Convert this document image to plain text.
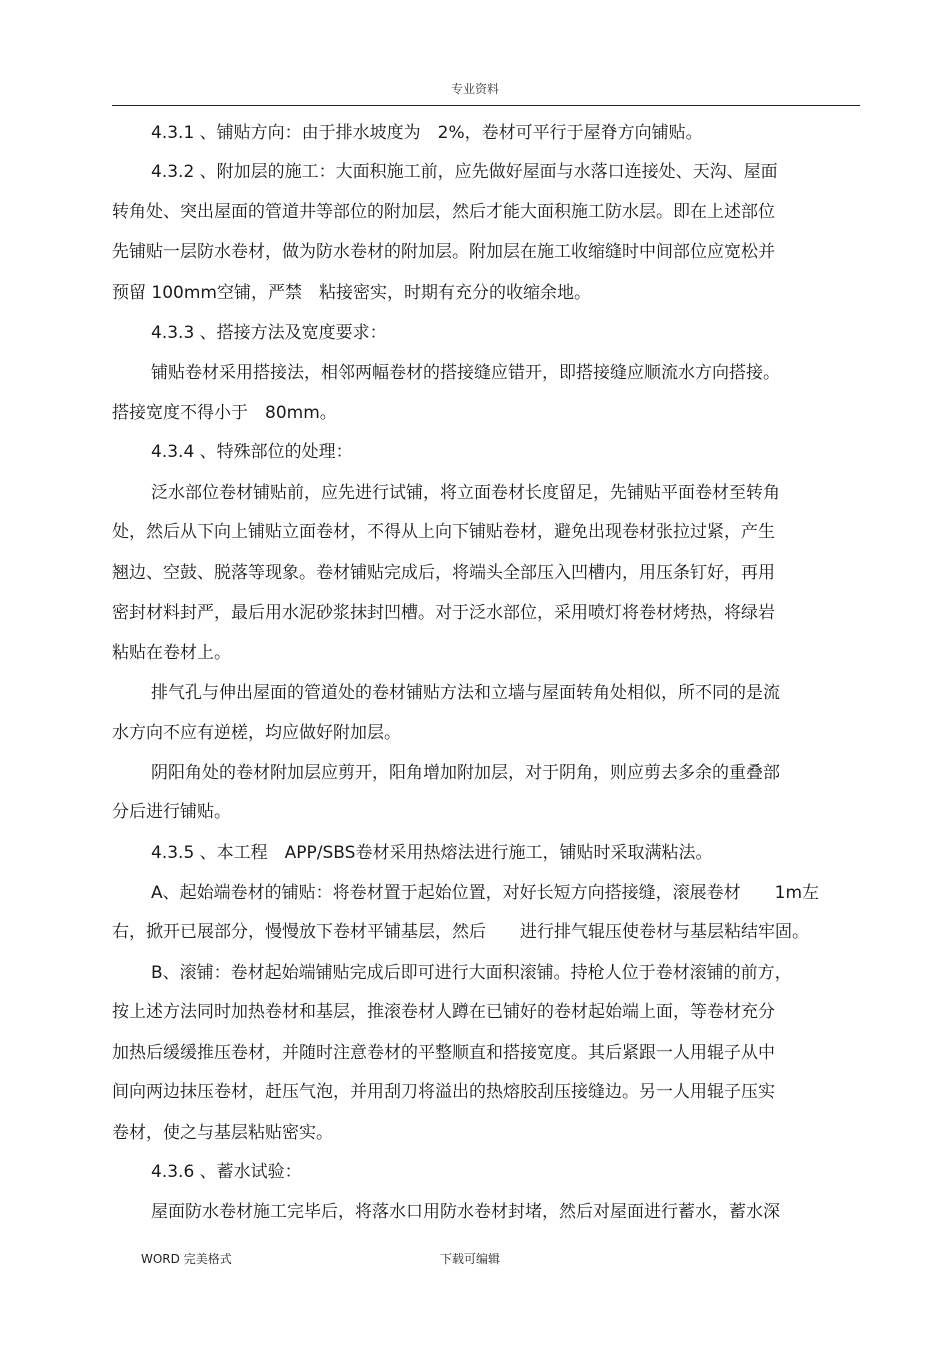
专业资料
4.3.1 、铺贴方向：由于排水坡度为　2%，卷材可平行于屋脊方向铺贴。
4.3.2 、附加层的施工：大面积施工前，应先做好屋面与水落口连接处、天沟、屋面
转角处、突出屋面的管道井等部位的附加层，然后才能大面积施工防水层。即在上述部位
先铺贴一层防水卷材，做为防水卷材的附加层。附加层在施工收缩缝时中间部位应宽松并
预留 100mm空铺，严禁　粘接密实，时期有充分的收缩余地。
4.3.3 、搭接方法及宽度要求：
铺贴卷材采用搭接法，相邻两幅卷材的搭接缝应错开，即搭接缝应顺流水方向搭接。
搭接宽度不得小于　80mm。
4.3.4 、特殊部位的处理：
泛水部位卷材铺贴前，应先进行试铺，将立面卷材长度留足，先铺贴平面卷材至转角
处，然后从下向上铺贴立面卷材，不得从上向下铺贴卷材，避免出现卷材张拉过紧，产生
翘边、空鼓、脱落等现象。卷材铺贴完成后，将端头全部压入凹槽内，用压条钉好，再用
密封材料封严，最后用水泥砂浆抹封凹槽。对于泛水部位，采用喷灯将卷材烤热，将绿岩
粘贴在卷材上。
排气孔与伸出屋面的管道处的卷材铺贴方法和立墙与屋面转角处相似，所不同的是流
水方向不应有逆槎，均应做好附加层。
阴阳角处的卷材附加层应剪开，阳角增加附加层，对于阴角，则应剪去多余的重叠部
分后进行铺贴。
4.3.5 、本工程　APP/SBS卷材采用热熔法进行施工，铺贴时采取满粘法。
A、起始端卷材的铺贴：将卷材置于起始位置，对好长短方向搭接缝，滚展卷材　　1m左
右，掀开已展部分，慢慢放下卷材平铺基层，然后　　进行排气辊压使卷材与基层粘结牢固。
B、滚铺：卷材起始端铺贴完成后即可进行大面积滚铺。持枪人位于卷材滚铺的前方，
按上述方法同时加热卷材和基层，推滚卷材人蹲在已铺好的卷材起始端上面，等卷材充分
加热后缓缓推压卷材，并随时注意卷材的平整顺直和搭接宽度。其后紧跟一人用辊子从中
间向两边抹压卷材，赶压气泡，并用刮刀将溢出的热熔胶刮压接缝边。另一人用辊子压实
卷材，使之与基层粘贴密实。
4.3.6 、蓄水试验：
屋面防水卷材施工完毕后，将落水口用防水卷材封堵，然后对屋面进行蓄水，蓄水深
WORD 完美格式	下载可编辑
